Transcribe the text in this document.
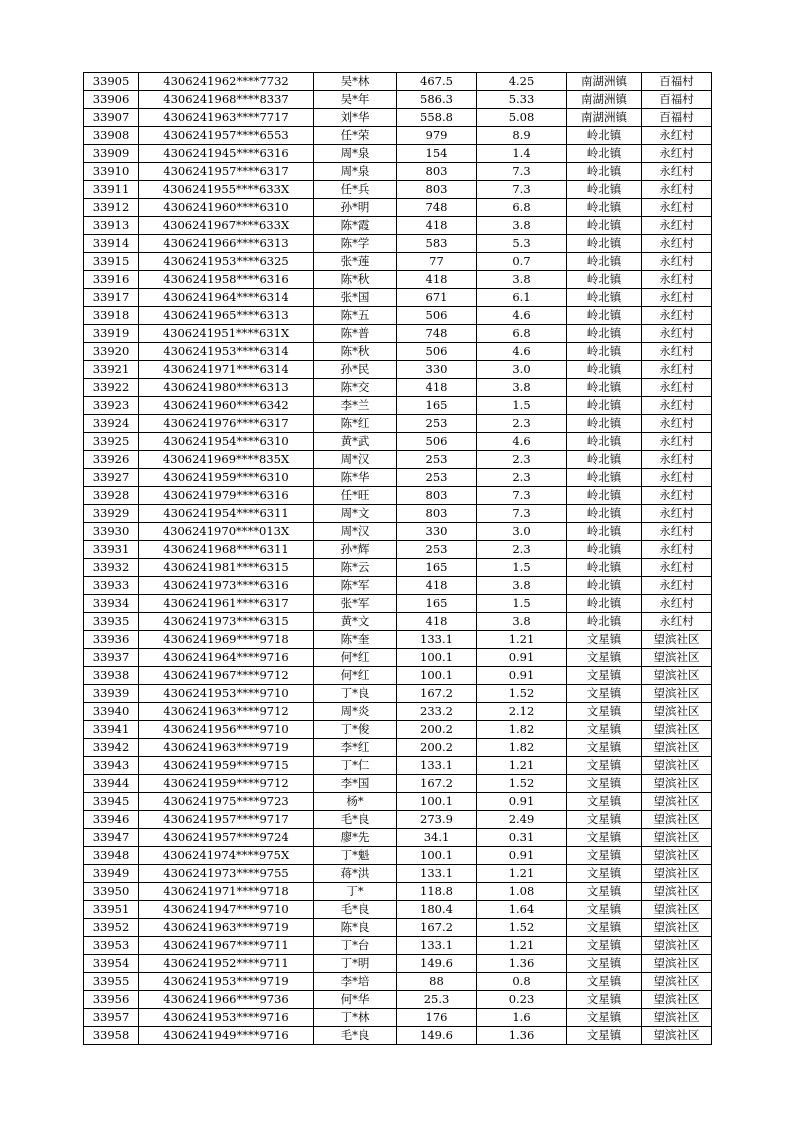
33905	4306241962****7732	吴*林	467.5	4.25	南湖洲镇	百福村
33906	4306241968****8337	吴*年	586.3	5.33	南湖洲镇	百福村
33907	4306241963****7717	刘*华	558.8	5.08	南湖洲镇	百福村
33908	4306241957****6553	任*荣	979	8.9	岭北镇	永红村
33909	4306241945****6316	周*泉	154	1.4	岭北镇	永红村
33910	4306241957****6317	周*泉	803	7.3	岭北镇	永红村
33911	4306241955****633X	任*兵	803	7.3	岭北镇	永红村
33912	4306241960****6310	孙*明	748	6.8	岭北镇	永红村
33913	4306241967****633X	陈*霞	418	3.8	岭北镇	永红村
33914	4306241966****6313	陈*学	583	5.3	岭北镇	永红村
33915	4306241953****6325	张*莲	77	0.7	岭北镇	永红村
33916	4306241958****6316	陈*秋	418	3.8	岭北镇	永红村
33917	4306241964****6314	张*国	671	6.1	岭北镇	永红村
33918	4306241965****6313	陈*五	506	4.6	岭北镇	永红村
33919	4306241951****631X	陈*普	748	6.8	岭北镇	永红村
33920	4306241953****6314	陈*秋	506	4.6	岭北镇	永红村
33921	4306241971****6314	孙*民	330	3.0	岭北镇	永红村
33922	4306241980****6313	陈*交	418	3.8	岭北镇	永红村
33923	4306241960****6342	李*兰	165	1.5	岭北镇	永红村
33924	4306241976****6317	陈*红	253	2.3	岭北镇	永红村
33925	4306241954****6310	黄*武	506	4.6	岭北镇	永红村
33926	4306241969****835X	周*汉	253	2.3	岭北镇	永红村
33927	4306241959****6310	陈*华	253	2.3	岭北镇	永红村
33928	4306241979****6316	任*旺	803	7.3	岭北镇	永红村
33929	4306241954****6311	周*文	803	7.3	岭北镇	永红村
33930	4306241970****013X	周*汉	330	3.0	岭北镇	永红村
33931	4306241968****6311	孙*辉	253	2.3	岭北镇	永红村
33932	4306241981****6315	陈*云	165	1.5	岭北镇	永红村
33933	4306241973****6316	陈*军	418	3.8	岭北镇	永红村
33934	4306241961****6317	张*军	165	1.5	岭北镇	永红村
33935	4306241973****6315	黄*文	418	3.8	岭北镇	永红村
33936	4306241969****9718	陈*奎	133.1	1.21	文星镇	望滨社区
33937	4306241964****9716	何*红	100.1	0.91	文星镇	望滨社区
33938	4306241967****9712	何*红	100.1	0.91	文星镇	望滨社区
33939	4306241953****9710	丁*良	167.2	1.52	文星镇	望滨社区
33940	4306241963****9712	周*炎	233.2	2.12	文星镇	望滨社区
33941	4306241956****9710	丁*俊	200.2	1.82	文星镇	望滨社区
33942	4306241963****9719	李*红	200.2	1.82	文星镇	望滨社区
33943	4306241959****9715	丁*仁	133.1	1.21	文星镇	望滨社区
33944	4306241959****9712	李*国	167.2	1.52	文星镇	望滨社区
33945	4306241975****9723	杨*	100.1	0.91	文星镇	望滨社区
33946	4306241957****9717	毛*良	273.9	2.49	文星镇	望滨社区
33947	4306241957****9724	廖*先	34.1	0.31	文星镇	望滨社区
33948	4306241974****975X	丁*魁	100.1	0.91	文星镇	望滨社区
33949	4306241973****9755	蒋*洪	133.1	1.21	文星镇	望滨社区
33950	4306241971****9718	丁*	118.8	1.08	文星镇	望滨社区
33951	4306241947****9710	毛*良	180.4	1.64	文星镇	望滨社区
33952	4306241963****9719	陈*良	167.2	1.52	文星镇	望滨社区
33953	4306241967****9711	丁*台	133.1	1.21	文星镇	望滨社区
33954	4306241952****9711	丁*明	149.6	1.36	文星镇	望滨社区
33955	4306241953****9719	李*培	88	0.8	文星镇	望滨社区
33956	4306241966****9736	何*华	25.3	0.23	文星镇	望滨社区
33957	4306241953****9716	丁*林	176	1.6	文星镇	望滨社区
33958	4306241949****9716	毛*良	149.6	1.36	文星镇	望滨社区
